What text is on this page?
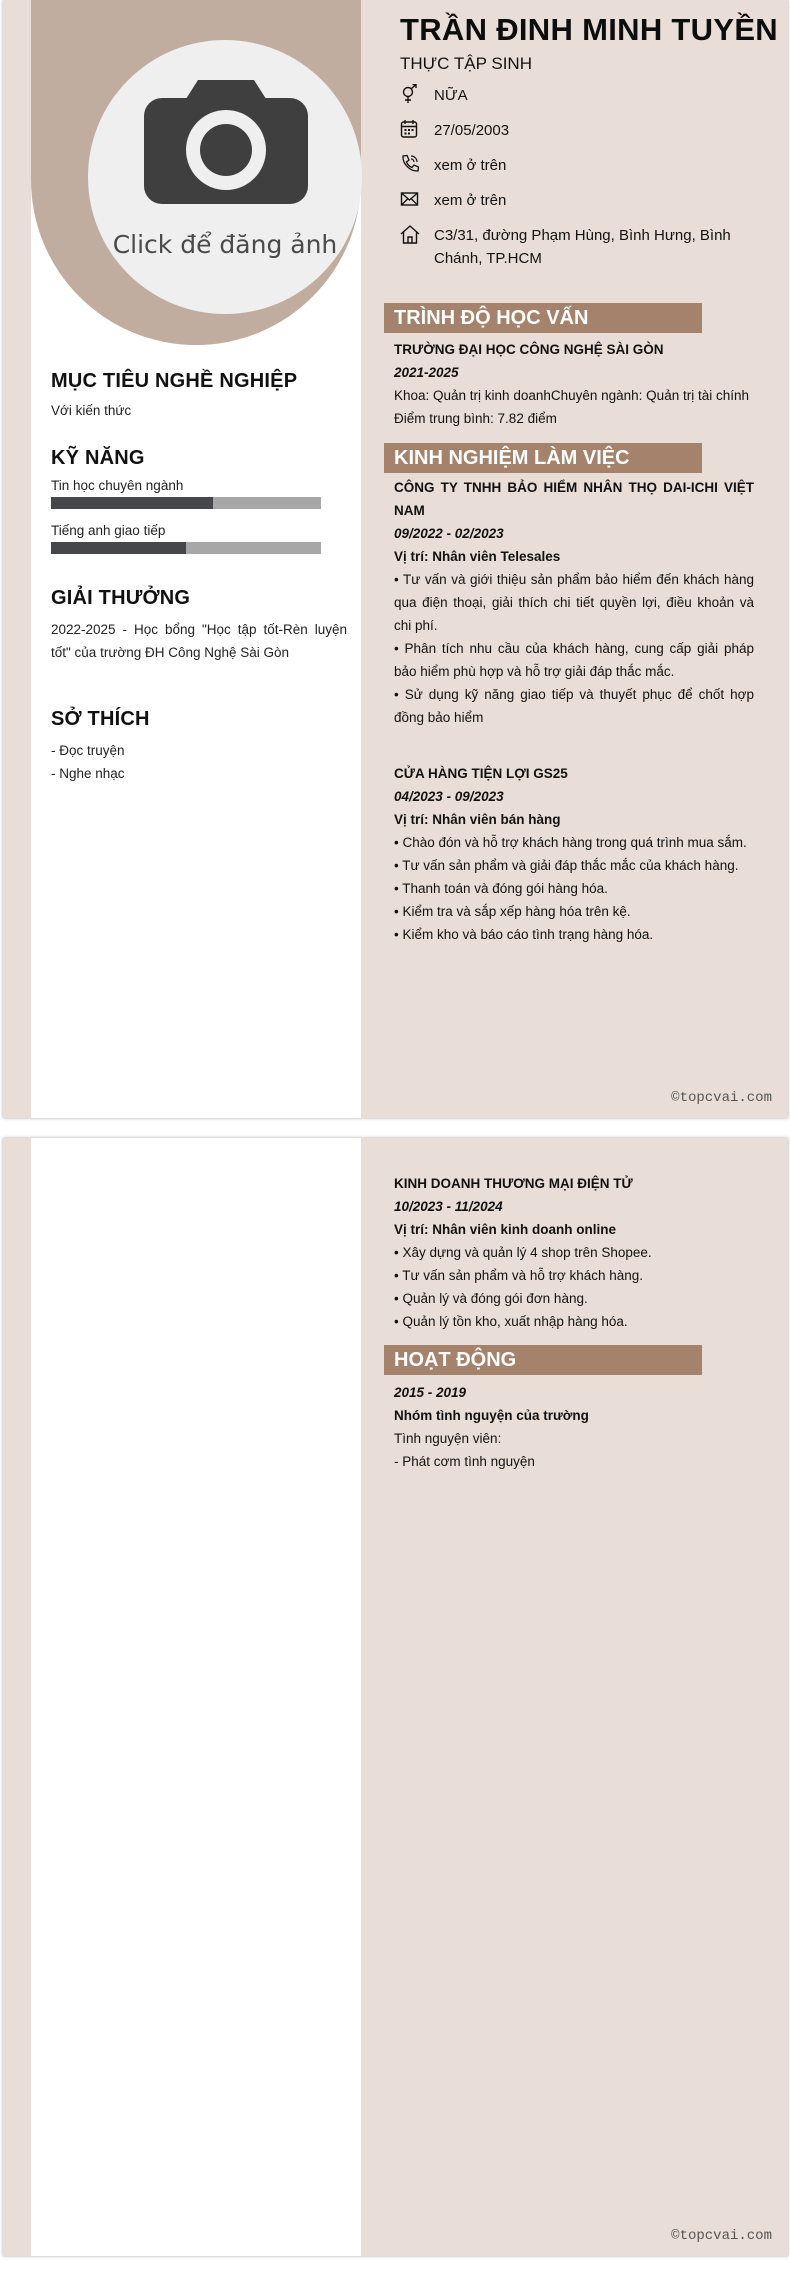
Click để đăng ảnh
MỤC TIÊU NGHỀ NGHIỆP
Với kiến thức
KỸ NĂNG
Tin học chuyên ngành
Tiếng anh giao tiếp
GIẢI THƯỞNG
2022-2025 - Học bổng "Học tập tốt-Rèn luyện tốt" của trường ĐH Công Nghệ Sài Gòn
SỞ THÍCH
- Đọc truyện
- Nghe nhạc
TRẦN ĐINH MINH TUYỀN
THỰC TẬP SINH
NỮA
27/05/2003
xem ở trên
xem ở trên
C3/31, đường Phạm Hùng, Bình Hưng, Bình Chánh, TP.HCM
TRÌNH ĐỘ HỌC VẤN
TRƯỜNG ĐẠI HỌC CÔNG NGHỆ SÀI GÒN
2021-2025
Khoa: Quản trị kinh doanhChuyên ngành: Quản trị tài chính
Điểm trung bình: 7.82 điểm
KINH NGHIỆM LÀM VIỆC
CÔNG TY TNHH BẢO HIỂM NHÂN THỌ DAI-ICHI VIỆT NAM
09/2022 - 02/2023
Vị trí: Nhân viên Telesales
• Tư vấn và giới thiệu sản phẩm bảo hiểm đến khách hàng qua điện thoại, giải thích chi tiết quyền lợi, điều khoản và chi phí.
• Phân tích nhu cầu của khách hàng, cung cấp giải pháp bảo hiểm phù hợp và hỗ trợ giải đáp thắc mắc.
• Sử dụng kỹ năng giao tiếp và thuyết phục để chốt hợp đồng bảo hiểm
CỬA HÀNG TIỆN LỢI GS25
04/2023 - 09/2023
Vị trí: Nhân viên bán hàng
• Chào đón và hỗ trợ khách hàng trong quá trình mua sắm.
• Tư vấn sản phẩm và giải đáp thắc mắc của khách hàng.
• Thanh toán và đóng gói hàng hóa.
• Kiểm tra và sắp xếp hàng hóa trên kệ.
• Kiểm kho và báo cáo tình trạng hàng hóa.
©topcvai.com
KINH DOANH THƯƠNG MẠI ĐIỆN TỬ
10/2023 - 11/2024
Vị trí: Nhân viên kinh doanh online
• Xây dựng và quản lý 4 shop trên Shopee.
• Tư vấn sản phẩm và hỗ trợ khách hàng.
• Quản lý và đóng gói đơn hàng.
• Quản lý tồn kho, xuất nhập hàng hóa.
HOẠT ĐỘNG
2015 - 2019
Nhóm tình nguyện của trường
Tình nguyện viên:
- Phát cơm tình nguyện
©topcvai.com
